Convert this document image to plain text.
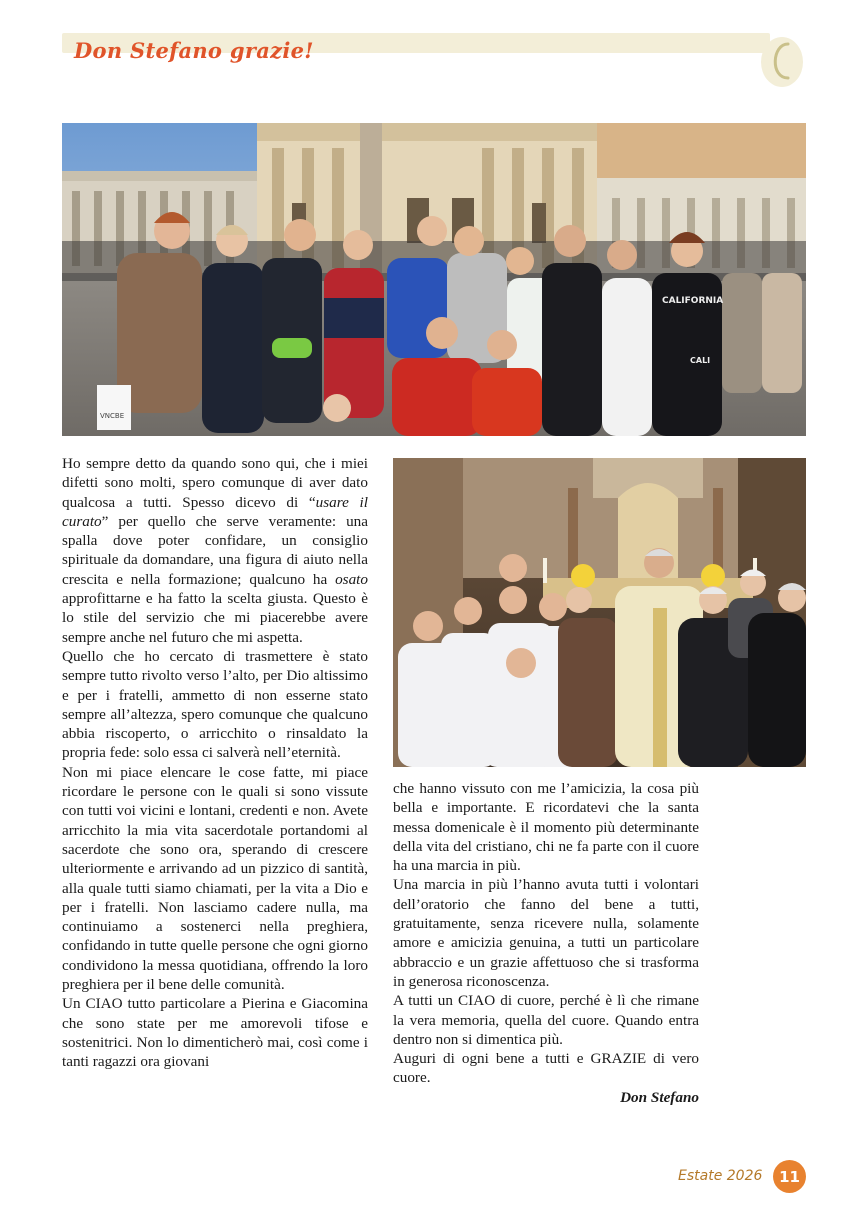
Don Stefano grazie!
VNCBE
CALIFORNIA
CALI

Ho sempre detto da quando sono qui, che i miei difetti sono molti, spero comunque di aver dato qualcosa a tutti. Spesso dicevo di “usare il curato” per quello che serve veramente: una spalla dove poter confidare, un consiglio spirituale da domandare, una figura di aiuto nella crescita e nella formazione; qualcuno ha osato approfittarne e ha fatto la scelta giusta. Questo è lo stile del servizio che mi piacerebbe avere sempre anche nel futuro che mi aspetta.

Quello che ho cercato di trasmettere è stato sempre tutto rivolto verso l’alto, per Dio altissimo e per i fratelli, ammetto di non esserne stato sempre all’altezza, spero comunque che qualcuno abbia riscoperto, o arricchito o rinsaldato la propria fede: solo essa ci salverà nell’eternità.

Non mi piace elencare le cose fatte, mi piace ricordare le persone con le quali si sono vissute con tutti voi vicini e lontani, credenti e non. Avete arricchito la mia vita sacerdotale portandomi al sacerdote che sono ora, sperando di crescere ulteriormente e arrivando ad un pizzico di santità, alla quale tutti siamo chiamati, per la vita a Dio e per i fratelli. Non lasciamo cadere nulla, ma continuiamo a sostenerci nella preghiera, confidando in tutte quelle persone che ogni giorno condividono la messa quotidiana, offrendo la loro preghiera per il bene delle comunità.

Un CIAO tutto particolare a Pierina e Giacomina che sono state per me amorevoli tifose e sostenitrici. Non lo dimenticherò mai, così come i tanti ragazzi ora giovani

che hanno vissuto con me l’amicizia, la cosa più bella e importante. E ricordatevi che la santa messa domenicale è il momento più determinante della vita del cristiano, chi ne fa parte con il cuore ha una marcia in più.

Una marcia in più l’hanno avuta tutti i volontari dell’oratorio che fanno del bene a tutti, gratuitamente, senza ricevere nulla, solamente amore e amicizia genuina, a tutti un particolare abbraccio e un grazie affettuoso che si trasforma in generosa riconoscenza.

A tutti un CIAO di cuore, perché è lì che rimane la vera memoria, quella del cuore. Quando entra dentro non si dimentica più.

Auguri di ogni bene a tutti e GRAZIE di vero cuore.

Don Stefano

Estate 2026	11
